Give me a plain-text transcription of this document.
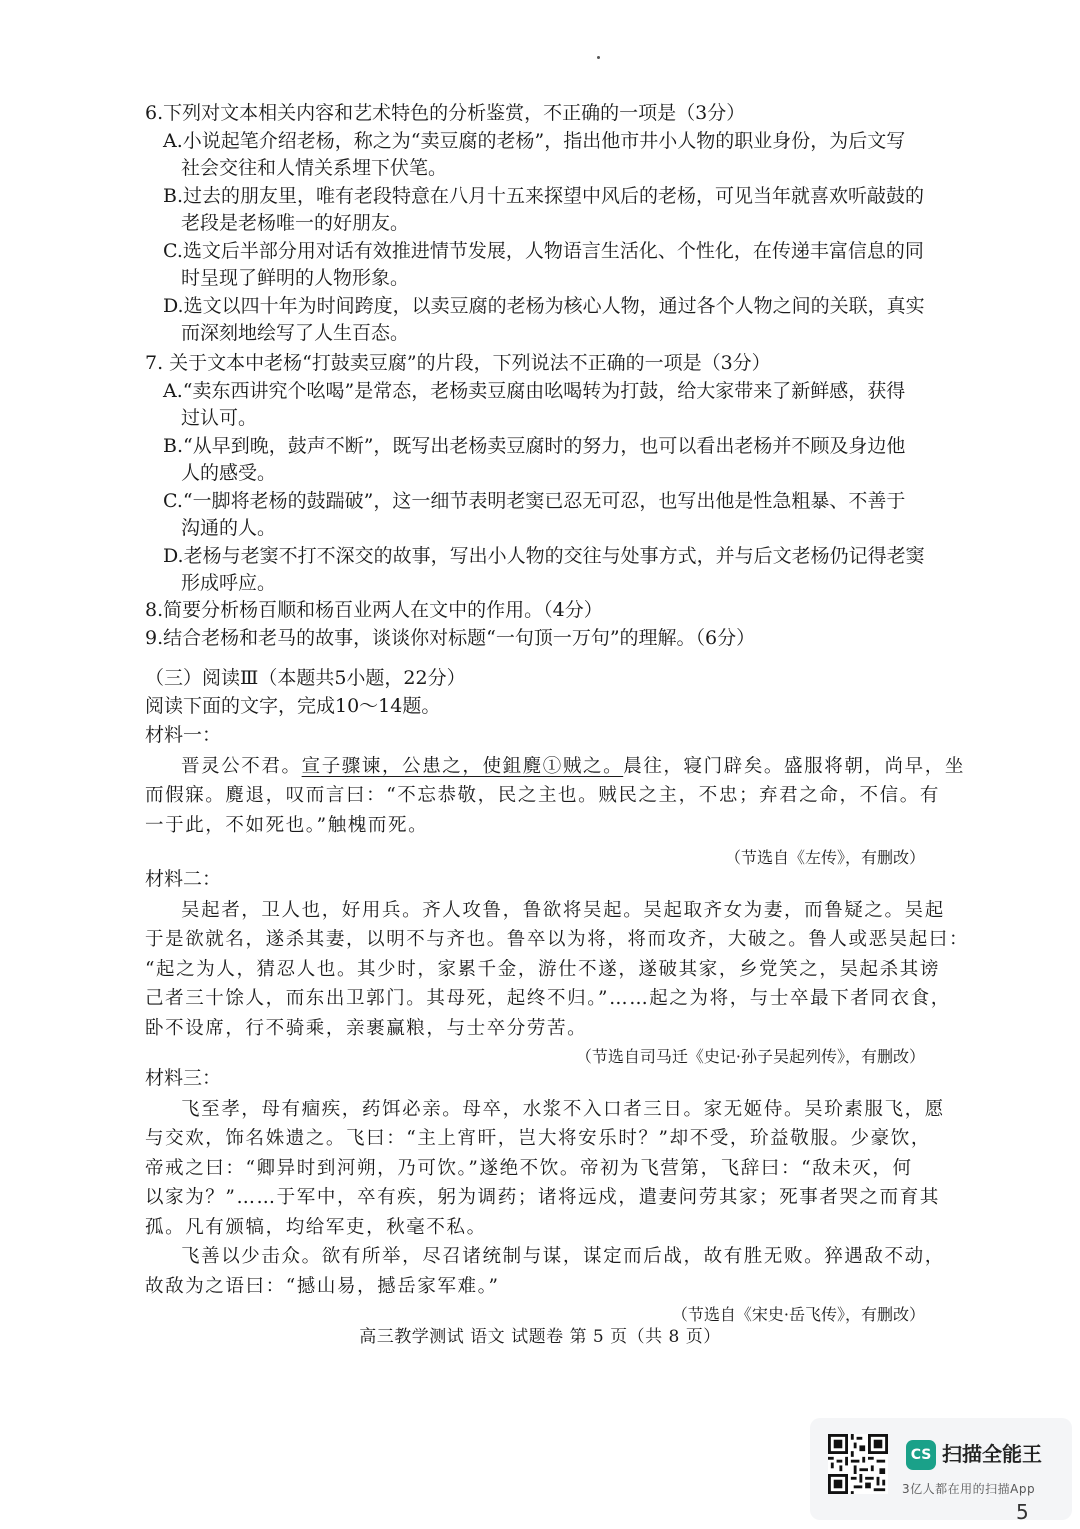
6.下列对文本相关内容和艺术特色的分析鉴赏，不正确的一项是（3分）
A.小说起笔介绍老杨，称之为“卖豆腐的老杨”，指出他市井小人物的职业身份，为后文写
社会交往和人情关系埋下伏笔。
B.过去的朋友里，唯有老段特意在八月十五来探望中风后的老杨，可见当年就喜欢听敲鼓的
老段是老杨唯一的好朋友。
C.选文后半部分用对话有效推进情节发展，人物语言生活化、个性化，在传递丰富信息的同
时呈现了鲜明的人物形象。
D.选文以四十年为时间跨度，以卖豆腐的老杨为核心人物，通过各个人物之间的关联，真实
而深刻地绘写了人生百态。
7. 关于文本中老杨“打鼓卖豆腐”的片段，下列说法不正确的一项是（3分）
A.“卖东西讲究个吆喝”是常态，老杨卖豆腐由吆喝转为打鼓，给大家带来了新鲜感，获得
过认可。
B.“从早到晚，鼓声不断”，既写出老杨卖豆腐时的努力，也可以看出老杨并不顾及身边他
人的感受。
C.“一脚将老杨的鼓踹破”，这一细节表明老窦已忍无可忍，也写出他是性急粗暴、不善于
沟通的人。
D.老杨与老窦不打不深交的故事，写出小人物的交往与处事方式，并与后文老杨仍记得老窦
形成呼应。
8.简要分析杨百顺和杨百业两人在文中的作用。（4分）
9.结合老杨和老马的故事，谈谈你对标题“一句顶一万句”的理解。（6分）
（三）阅读Ⅲ（本题共5小题，22分）
阅读下面的文字，完成10～14题。
材料一：
晋灵公不君。宣子骤谏，公患之，使鉏麑①贼之。晨往，寝门辟矣。盛服将朝，尚早，坐
而假寐。麑退，叹而言曰：“不忘恭敬，民之主也。贼民之主，不忠；弃君之命，不信。有
一于此，不如死也。”触槐而死。
（节选自《左传》，有删改）
材料二：
吴起者，卫人也，好用兵。齐人攻鲁，鲁欲将吴起。吴起取齐女为妻，而鲁疑之。吴起
于是欲就名，遂杀其妻，以明不与齐也。鲁卒以为将，将而攻齐，大破之。鲁人或恶吴起曰：
“起之为人，猜忍人也。其少时，家累千金，游仕不遂，遂破其家，乡党笑之，吴起杀其谤
己者三十馀人，而东出卫郭门。其母死，起终不归。”……起之为将，与士卒最下者同衣食，
卧不设席，行不骑乘，亲裹赢粮，与士卒分劳苦。
（节选自司马迁《史记·孙子吴起列传》，有删改）
材料三：
飞至孝，母有痼疾，药饵必亲。母卒，水浆不入口者三日。家无姬侍。吴玠素服飞，愿
与交欢，饰名姝遗之。飞曰：“主上宵旰，岂大将安乐时？”却不受，玠益敬服。少豪饮，
帝戒之曰：“卿异时到河朔，乃可饮。”遂绝不饮。帝初为飞营第，飞辞曰：“敌未灭，何
以家为？”……于军中，卒有疾，躬为调药；诸将远戍，遣妻问劳其家；死事者哭之而育其
孤。凡有颁犒，均给军吏，秋毫不私。
飞善以少击众。欲有所举，尽召诸统制与谋，谋定而后战，故有胜无败。猝遇敌不动，
故敌为之语曰：“撼山易，撼岳家军难。”
（节选自《宋史·岳飞传》，有删改）
高三教学测试 语文 试题卷 第 5 页（共 8 页）
CS 扫描全能王
3亿人都在用的扫描App
5
